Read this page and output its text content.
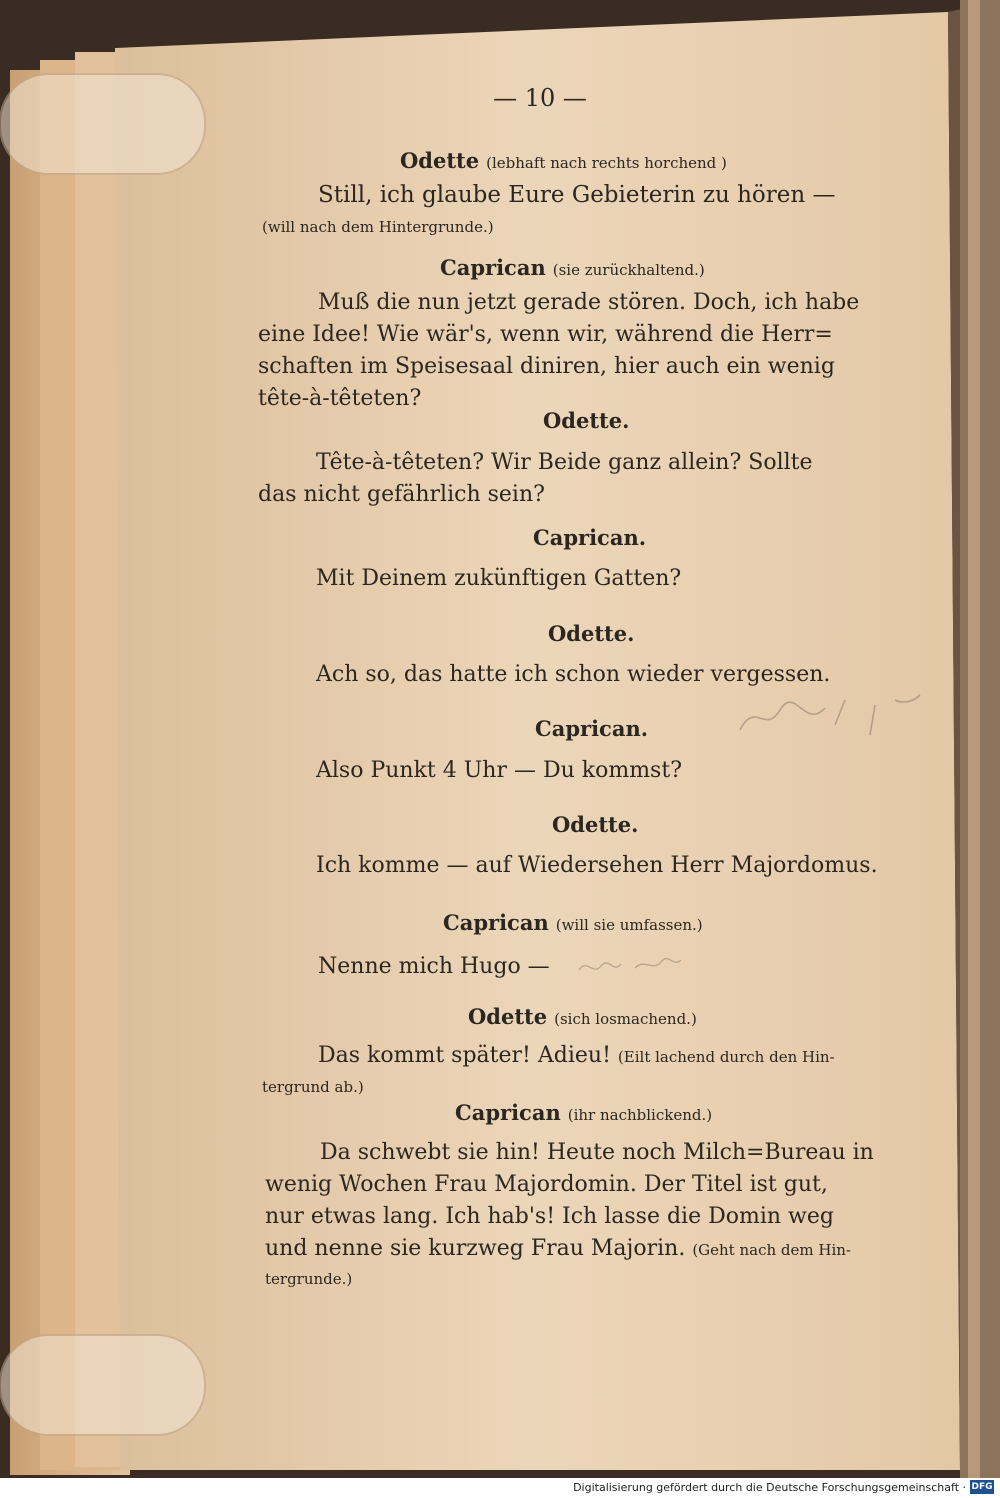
— 10 —
Odette (lebhaft nach rechts horchend )
Still, ich glaube Eure Gebieterin zu hören —
(will nach dem Hintergrunde.)
Caprican (sie zurückhaltend.)
Muß die nun jetzt gerade stören. Doch, ich habe
eine Idee! Wie wär's, wenn wir, während die Herr=
schaften im Speisesaal diniren, hier auch ein wenig
tête-à-têteten?
Odette.
Tête-à-têteten? Wir Beide ganz allein? Sollte
das nicht gefährlich sein?
Caprican.
Mit Deinem zukünftigen Gatten?
Odette.
Ach so, das hatte ich schon wieder vergessen.
Caprican.
Also Punkt 4 Uhr — Du kommst?
Odette.
Ich komme — auf Wiedersehen Herr Majordomus.
Caprican (will sie umfassen.)
Nenne mich Hugo —
Odette (sich losmachend.)
Das kommt später! Adieu! (Eilt lachend durch den Hin-
tergrund ab.)
Caprican (ihr nachblickend.)
Da schwebt sie hin! Heute noch Milch=Bureau in
wenig Wochen Frau Majordomin. Der Titel ist gut,
nur etwas lang. Ich hab's! Ich lasse die Domin weg
und nenne sie kurzweg Frau Majorin. (Geht nach dem Hin-
tergrunde.)
Digitalisierung gefördert durch die Deutsche Forschungsgemeinschaft · DFG
